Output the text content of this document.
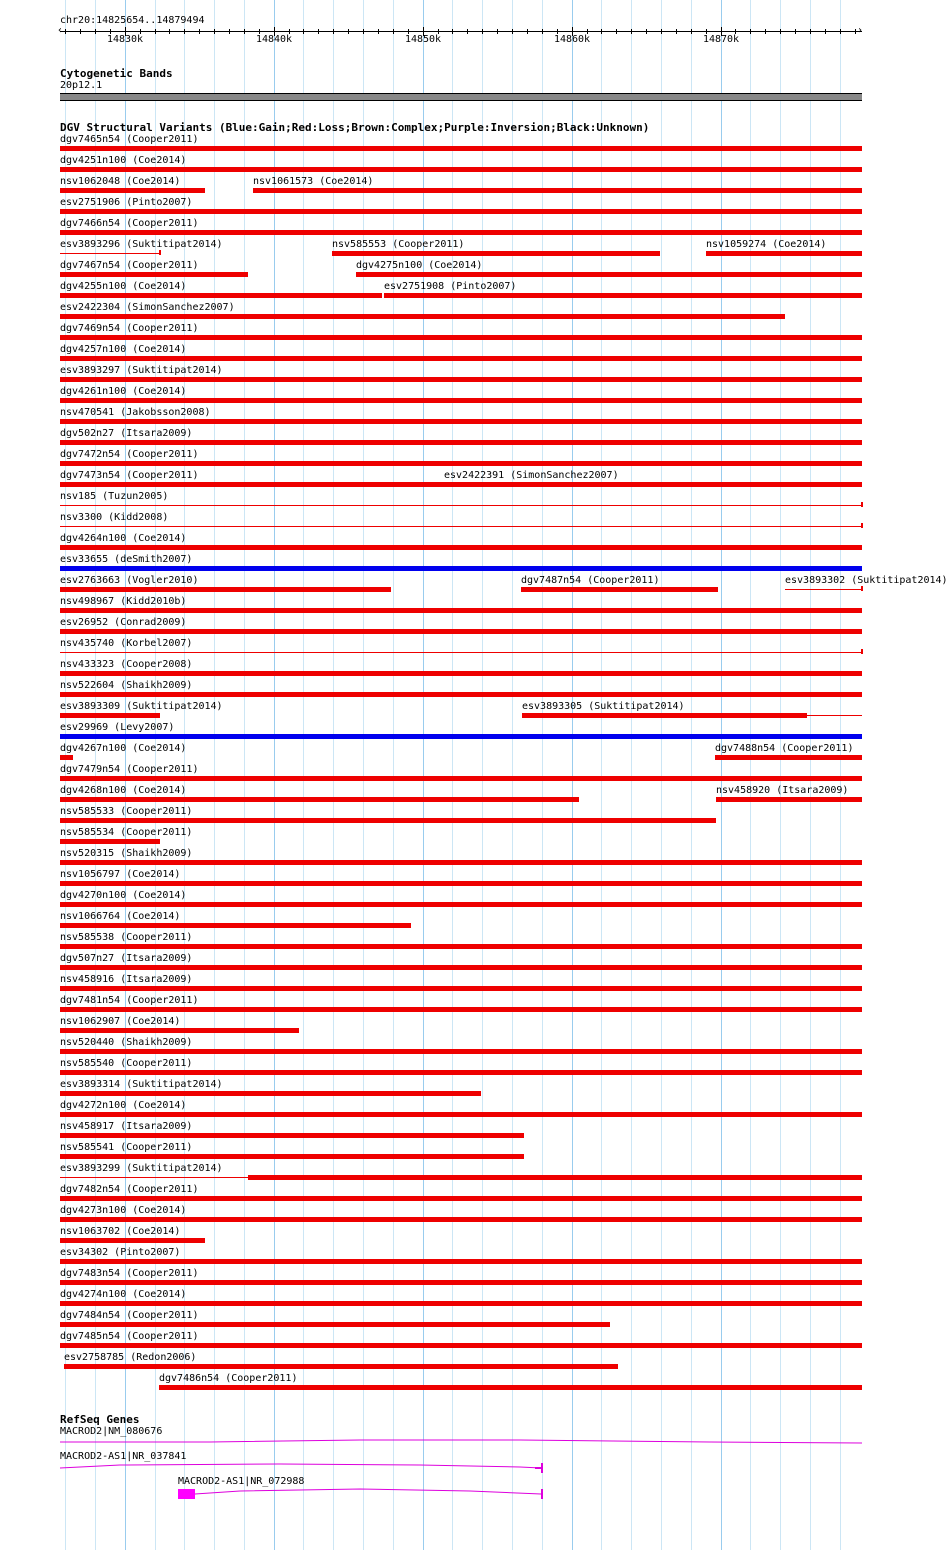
chr20:14825654..14879494
14830k	14840k	14850k	14860k	14870k
‹	›
Cytogenetic Bands
20p12.1
DGV Structural Variants (Blue:Gain;Red:Loss;Brown:Complex;Purple:Inversion;Black:Unknown)
dgv7465n54 (Cooper2011)
dgv4251n100 (Coe2014)
nsv1062048 (Coe2014)	nsv1061573 (Coe2014)
esv2751906 (Pinto2007)
dgv7466n54 (Cooper2011)
esv3893296 (Suktitipat2014)	nsv585553 (Cooper2011)	nsv1059274 (Coe2014)
dgv7467n54 (Cooper2011)	dgv4275n100 (Coe2014)
dgv4255n100 (Coe2014)	esv2751908 (Pinto2007)
esv2422304 (SimonSanchez2007)
dgv7469n54 (Cooper2011)
dgv4257n100 (Coe2014)
esv3893297 (Suktitipat2014)
dgv4261n100 (Coe2014)
nsv470541 (Jakobsson2008)
dgv502n27 (Itsara2009)
dgv7472n54 (Cooper2011)
dgv7473n54 (Cooper2011)	esv2422391 (SimonSanchez2007)
nsv185 (Tuzun2005)
nsv3300 (Kidd2008)
dgv4264n100 (Coe2014)
esv33655 (deSmith2007)
esv2763663 (Vogler2010)	dgv7487n54 (Cooper2011)	esv3893302 (Suktitipat2014)
nsv498967 (Kidd2010b)
esv26952 (Conrad2009)
nsv435740 (Korbel2007)
nsv433323 (Cooper2008)
nsv522604 (Shaikh2009)
esv3893309 (Suktitipat2014)	esv3893305 (Suktitipat2014)
esv29969 (Levy2007)
dgv4267n100 (Coe2014)	dgv7488n54 (Cooper2011)
dgv7479n54 (Cooper2011)
dgv4268n100 (Coe2014)	nsv458920 (Itsara2009)
nsv585533 (Cooper2011)
nsv585534 (Cooper2011)
nsv520315 (Shaikh2009)
nsv1056797 (Coe2014)
dgv4270n100 (Coe2014)
nsv1066764 (Coe2014)
nsv585538 (Cooper2011)
dgv507n27 (Itsara2009)
nsv458916 (Itsara2009)
dgv7481n54 (Cooper2011)
nsv1062907 (Coe2014)
nsv520440 (Shaikh2009)
nsv585540 (Cooper2011)
esv3893314 (Suktitipat2014)
dgv4272n100 (Coe2014)
nsv458917 (Itsara2009)
nsv585541 (Cooper2011)
esv3893299 (Suktitipat2014)
dgv7482n54 (Cooper2011)
dgv4273n100 (Coe2014)
nsv1063702 (Coe2014)
esv34302 (Pinto2007)
dgv7483n54 (Cooper2011)
dgv4274n100 (Coe2014)
dgv7484n54 (Cooper2011)
dgv7485n54 (Cooper2011)
esv2758785 (Redon2006)
dgv7486n54 (Cooper2011)
RefSeq Genes
MACROD2|NM_080676
MACROD2-AS1|NR_037841
MACROD2-AS1|NR_072988
